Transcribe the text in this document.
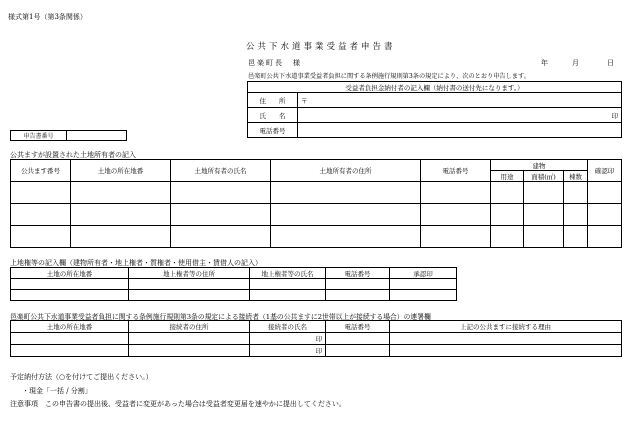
様式第1号（第3条関係）
公共下水道事業受益者申告書
邑楽町長　様	年	月	日
邑楽町公共下水道事業受益者負担に関する条例施行規則第3条の規定により、次のとおり申告します。
受益者負担金納付者の記入欄（納付書の送付先になります。）	
住　　所	〒
氏　　名	印
電話番号	
申告書番号	
公共ますが設置された土地所有者の記入
公共ます番号	土地の所在地番	土地所有者の氏名	土地所有者の住所	電話番号	建物			確認印
					用途	面積(㎡)	棟数	

上地権等の記入欄（建物所有者・地上権者・質権者・使用借主・賃借人の記入）
土地の所在地番	地上権者等の住所	地上権者等の氏名	電話番号	承認印

邑楽町公共下水道事業受益者負担に関する条例施行規則第3条の規定による接続者（1基の公共ますに2世帯以上が接続する場合）の連署欄
土地の所在地番	接続者の住所	接続者の氏名	電話番号	上記の公共ますに接続する理由
		印		
		印		
予定納付方法（○を付けてご提出ください。）
・現金「一括 / 分割」
注意事項　この申告書の提出後、受益者に変更があった場合は受益者変更届を速やかに提出してください。
